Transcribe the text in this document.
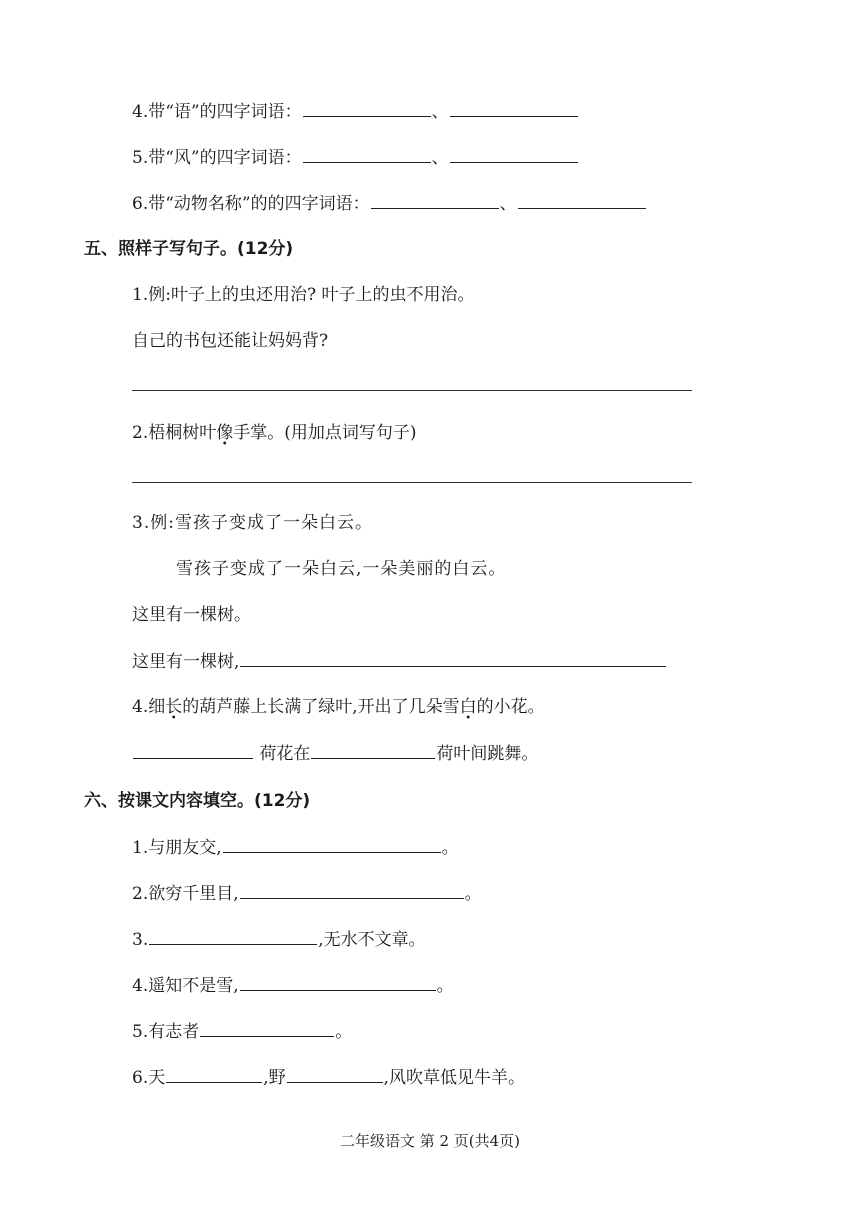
4.带“语”的四字词语：	、
5.带“风”的四字词语：	、
6.带“动物名称”的的四字词语：	、
五、照样子写句子。(12分)
1.例:叶子上的虫还用治? 叶子上的虫不用治。
自己的书包还能让妈妈背?
2.梧桐树叶像手掌。(用加点词写句子)
3.例:雪孩子变成了一朵白云。
雪孩子变成了一朵白云,一朵美丽的白云。
这里有一棵树。
这里有一棵树,
4.细长的葫芦藤上长满了绿叶,开出了几朵雪白的小花。
荷花在	荷叶间跳舞。
六、按课文内容填空。(12分)
1.与朋友交,	。
2.欲穷千里目,	。
3.	,无水不文章。
4.遥知不是雪,	。
5.有志者	。
6.天	,野	,风吹草低见牛羊。
二年级语文 第 2 页(共4页)
